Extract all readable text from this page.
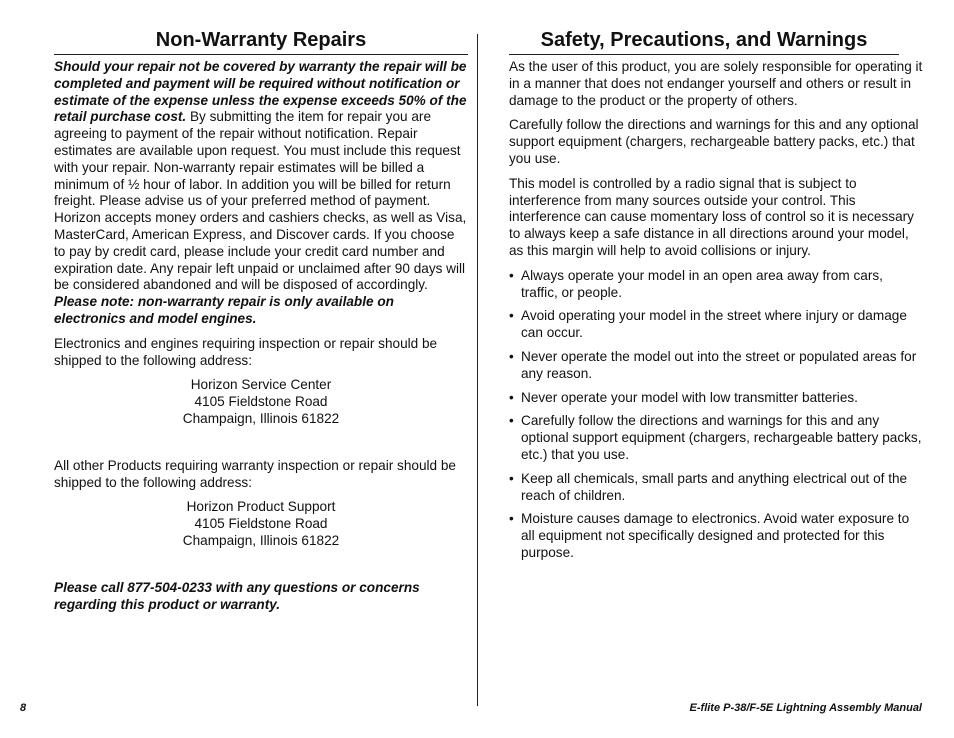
Non-Warranty Repairs

Should your repair not be covered by warranty the repair will be completed and payment will be required without notification or estimate of the expense unless the expense exceeds 50% of the retail purchase cost. By submitting the item for repair you are agreeing to payment of the repair without notification. Repair estimates are available upon request. You must include this request with your repair. Non-warranty repair estimates will be billed a minimum of ½ hour of labor. In addition you will be billed for return freight. Please advise us of your preferred method of payment. Horizon accepts money orders and cashiers checks, as well as Visa, MasterCard, American Express, and Discover cards. If you choose to pay by credit card, please include your credit card number and expiration date. Any repair left unpaid or unclaimed after 90 days will be considered abandoned and will be disposed of accordingly. Please note: non-warranty repair is only available on electronics and model engines.

Electronics and engines requiring inspection or repair should be shipped to the following address:

Horizon Service Center
4105 Fieldstone Road
Champaign, Illinois 61822

All other Products requiring warranty inspection or repair should be shipped to the following address:

Horizon Product Support
4105 Fieldstone Road
Champaign, Illinois 61822

Please call 877-504-0233 with any questions or concerns regarding this product or warranty.

Safety, Precautions, and Warnings

As the user of this product, you are solely responsible for operating it in a manner that does not endanger yourself and others or result in damage to the product or the property of others.

Carefully follow the directions and warnings for this and any optional support equipment (chargers, rechargeable battery packs, etc.) that you use.

This model is controlled by a radio signal that is subject to interference from many sources outside your control. This interference can cause momentary loss of control so it is necessary to always keep a safe distance in all directions around your model, as this margin will help to avoid collisions or injury.

• Always operate your model in an open area away from cars, traffic, or people.
• Avoid operating your model in the street where injury or damage can occur.
• Never operate the model out into the street or populated areas for any reason.
• Never operate your model with low transmitter batteries.
• Carefully follow the directions and warnings for this and any optional support equipment (chargers, rechargeable battery packs, etc.) that you use.
• Keep all chemicals, small parts and anything electrical out of the reach of children.
• Moisture causes damage to electronics. Avoid water exposure to all equipment not specifically designed and protected for this purpose.
8	E-flite P-38/F-5E Lightning Assembly Manual
